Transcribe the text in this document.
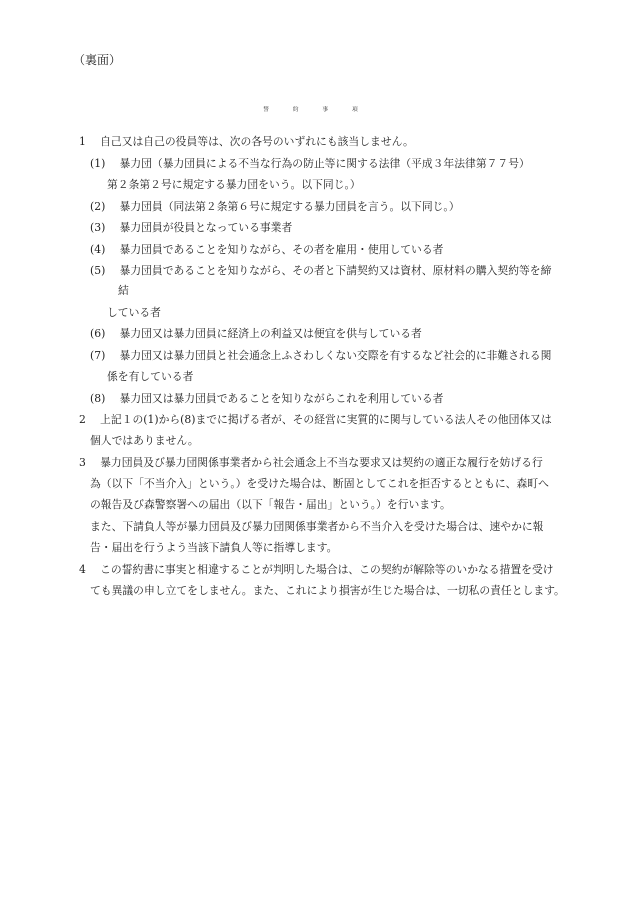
（裏面）
誓　約　事　項
1　 自己又は自己の役員等は、次の各号のいずれにも該当しません。
(1)　 暴力団（暴力団員による不当な行為の防止等に関する法律（平成３年法律第７７号）
第２条第２号に規定する暴力団をいう。以下同じ。）
(2)　 暴力団員（同法第２条第６号に規定する暴力団員を言う。以下同じ。）
(3)　 暴力団員が役員となっている事業者
(4)　 暴力団員であることを知りながら、その者を雇用・使用している者
(5)　 暴力団員であることを知りながら、その者と下請契約又は資材、原材料の購入契約等を締
結
している者
(6)　 暴力団又は暴力団員に経済上の利益又は便宜を供与している者
(7)　 暴力団又は暴力団員と社会通念上ふさわしくない交際を有するなど社会的に非難される関
係を有している者
(8)　 暴力団又は暴力団員であることを知りながらこれを利用している者
2　 上記１の(1)から(8)までに掲げる者が、その経営に実質的に関与している法人その他団体又は
個人ではありません。
3　 暴力団員及び暴力団関係事業者から社会通念上不当な要求又は契約の適正な履行を妨げる行
為（以下「不当介入」という。）を受けた場合は、断固としてこれを拒否するとともに、森町へ
の報告及び森警察署への届出（以下「報告・届出」という。）を行います。
また、下請負人等が暴力団員及び暴力団関係事業者から不当介入を受けた場合は、速やかに報
告・届出を行うよう当該下請負人等に指導します。
4　 この誓約書に事実と相違することが判明した場合は、この契約が解除等のいかなる措置を受け
ても異議の申し立てをしません。また、これにより損害が生じた場合は、一切私の責任とします。
